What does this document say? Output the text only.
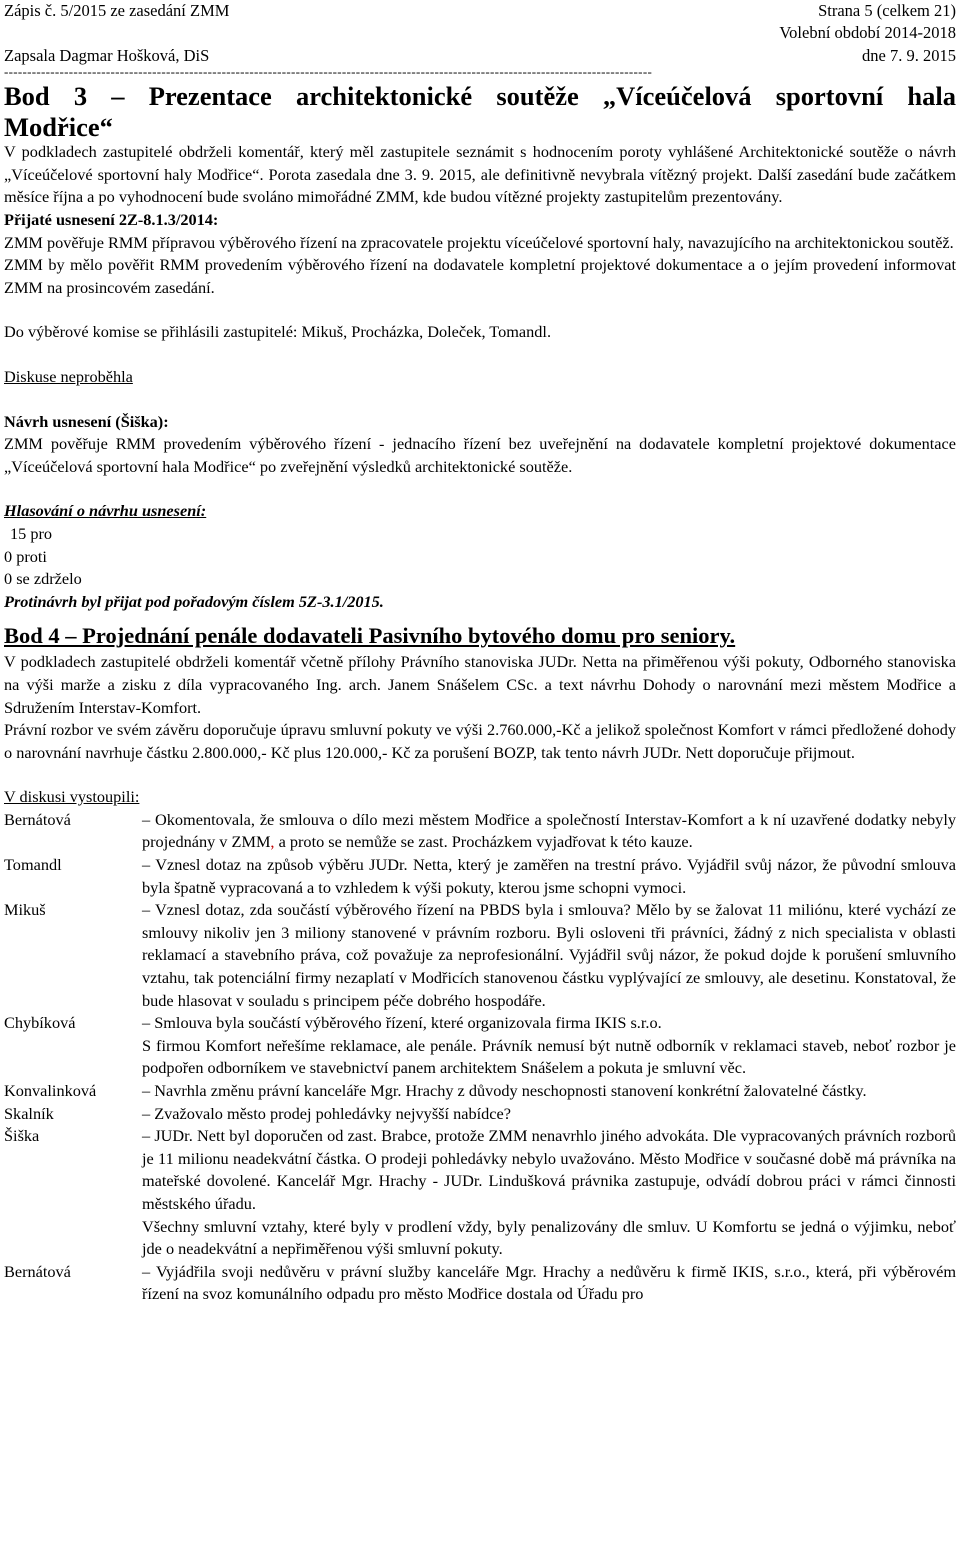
Zápis č. 5/2015 ze zasedání ZMM	Strana 5 (celkem 21)
Volební období 2014-2018
Zapsala Dagmar Hošková, DiS	dne 7. 9. 2015
--------------------------------------------------------------------------------------------------------------------------------------------
Bod 3 – Prezentace architektonické soutěže „Víceúčelová sportovní hala
Modřice“
V podkladech zastupitelé obdrželi komentář, který měl zastupitele seznámit s hodnocením poroty vyhlášené Architektonické soutěže o návrh „Víceúčelové sportovní haly Modřice“. Porota zasedala dne 3. 9. 2015, ale definitivně nevybrala vítězný projekt. Další zasedání bude začátkem měsíce října a po vyhodnocení bude svoláno mimořádné ZMM, kde budou vítězné projekty zastupitelům prezentovány.
Přijaté usnesení 2Z-8.1.3/2014:
ZMM pověřuje RMM přípravou výběrového řízení na zpracovatele projektu víceúčelové sportovní haly, navazujícího na architektonickou soutěž.
ZMM by mělo pověřit RMM provedením výběrového řízení na dodavatele kompletní projektové dokumentace a o jejím provedení informovat ZMM na prosincovém zasedání.
Do výběrové komise se přihlásili zastupitelé: Mikuš, Procházka, Doleček, Tomandl.
Diskuse neproběhla
Návrh usnesení (Šiška):
ZMM pověřuje RMM provedením výběrového řízení - jednacího řízení bez uveřejnění na dodavatele kompletní projektové dokumentace „Víceúčelová sportovní hala Modřice“ po zveřejnění výsledků architektonické soutěže.
Hlasování o návrhu usnesení:
15 pro
0 proti
0 se zdrželo
Protinávrh byl přijat pod pořadovým číslem 5Z-3.1/2015.
Bod 4 – Projednání penále dodavateli Pasivního bytového domu pro seniory.
V podkladech zastupitelé obdrželi komentář včetně přílohy Právního stanoviska JUDr. Netta na přiměřenou výši pokuty, Odborného stanoviska na výši marže a zisku z díla vypracovaného Ing. arch. Janem Snášelem CSc. a text návrhu Dohody o narovnání mezi městem Modřice a Sdružením Interstav-Komfort.
Právní rozbor ve svém závěru doporučuje úpravu smluvní pokuty ve výši 2.760.000,-Kč a jelikož společnost Komfort v rámci předložené dohody o narovnání navrhuje částku 2.800.000,- Kč plus 120.000,- Kč za porušení BOZP, tak tento návrh JUDr. Nett doporučuje přijmout.
V diskusi vystoupili:
Bernátová	– Okomentovala, že smlouva o dílo mezi městem Modřice a společností Interstav-Komfort a k ní uzavřené dodatky nebyly projednány v ZMM, a proto se nemůže se zast. Procházkem vyjadřovat k této kauze.
Tomandl	– Vznesl dotaz na způsob výběru JUDr. Netta, který je zaměřen na trestní právo. Vyjádřil svůj názor, že původní smlouva byla špatně vypracovaná a to vzhledem k výši pokuty, kterou jsme schopni vymoci.
Mikuš	– Vznesl dotaz, zda součástí výběrového řízení na PBDS byla i smlouva? Mělo by se žalovat 11 miliónu, které vychází ze smlouvy nikoliv jen 3 miliony stanovené v právním rozboru. Byli osloveni tři právníci, žádný z nich specialista v oblasti reklamací a stavebního práva, což považuje za neprofesionální. Vyjádřil svůj názor, že pokud dojde k porušení smluvního vztahu, tak potenciální firmy nezaplatí v Modřicích stanovenou částku vyplývající ze smlouvy, ale desetinu. Konstatoval, že bude hlasovat v souladu s principem péče dobrého hospodáře.
Chybíková	– Smlouva byla součástí výběrového řízení, které organizovala firma IKIS s.r.o.
S firmou Komfort neřešíme reklamace, ale penále. Právník nemusí být nutně odborník v reklamaci staveb, neboť rozbor je podpořen odborníkem ve stavebnictví panem architektem Snášelem a pokuta je smluvní věc.
Konvalinková	– Navrhla změnu právní kanceláře Mgr. Hrachy z důvody neschopnosti stanovení konkrétní žalovatelné částky.
Skalník	– Zvažovalo město prodej pohledávky nejvyšší nabídce?
Šiška	– JUDr. Nett byl doporučen od zast. Brabce, protože ZMM nenavrhlo jiného advokáta. Dle vypracovaných právních rozborů je 11 milionu neadekvátní částka. O prodeji pohledávky nebylo uvažováno. Město Modřice v současné době má právníka na mateřské dovolené. Kancelář Mgr. Hrachy - JUDr. Lindušková právnika zastupuje, odvádí dobrou práci v rámci činnosti městského úřadu.
Všechny smluvní vztahy, které byly v prodlení vždy, byly penalizovány dle smluv. U Komfortu se jedná o výjimku, neboť jde o neadekvátní a nepřiměřenou výši smluvní pokuty.
Bernátová	– Vyjádřila svoji nedůvěru v právní služby kanceláře Mgr. Hrachy a nedůvěru k firmě IKIS, s.r.o., která, při výběrovém řízení na svoz komunálního odpadu pro město Modřice dostala od Úřadu pro
